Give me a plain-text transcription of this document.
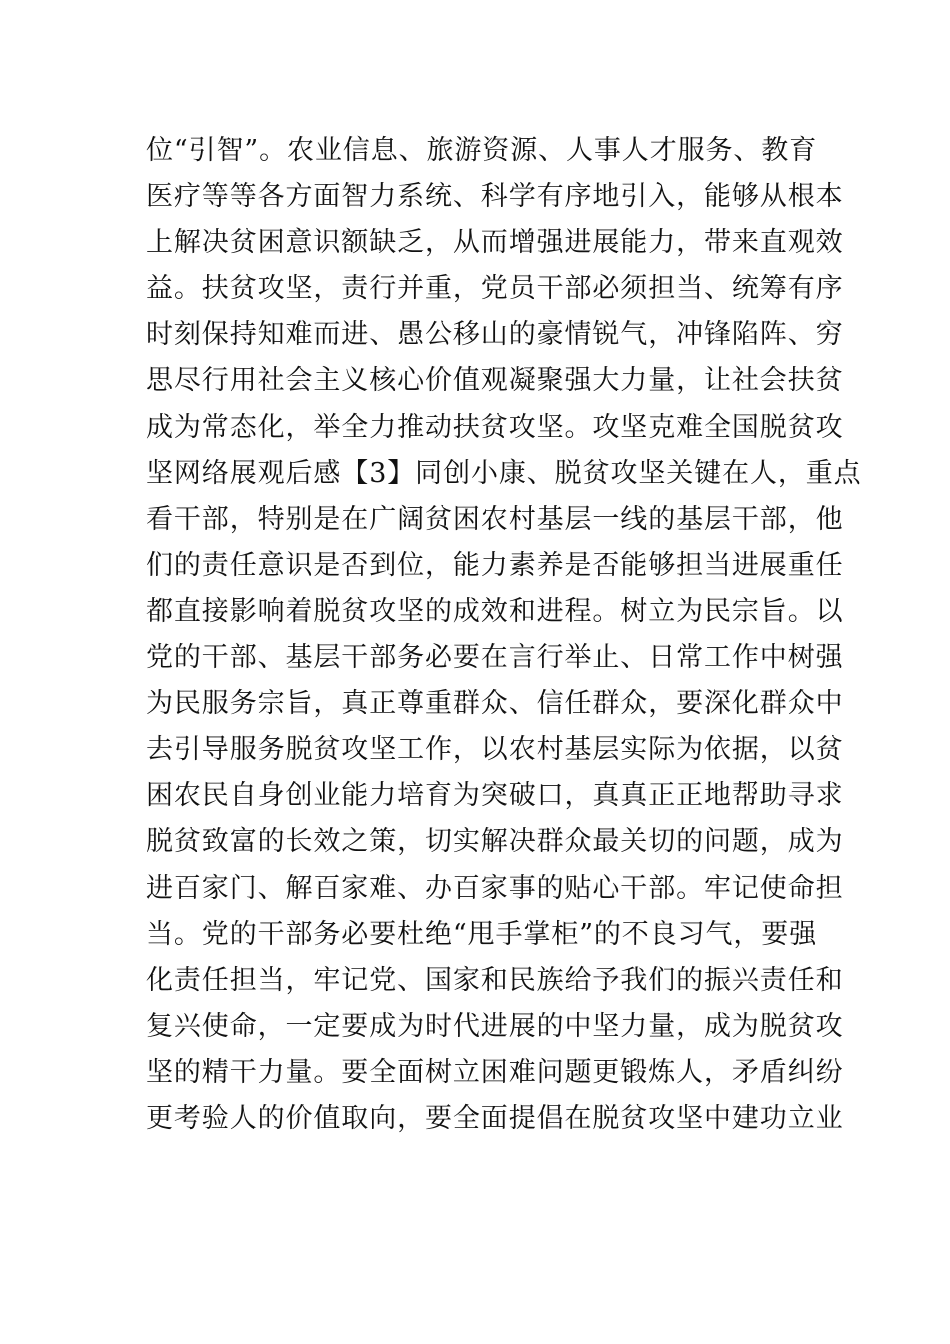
位“引智”。农业信息、旅游资源、人事人才服务、教育
医疗等等各方面智力系统、科学有序地引入，能够从根本
上解决贫困意识额缺乏，从而增强进展能力，带来直观效
益。扶贫攻坚，责行并重，党员干部必须担当、统筹有序
时刻保持知难而进、愚公移山的豪情锐气，冲锋陷阵、穷
思尽行用社会主义核心价值观凝聚强大力量，让社会扶贫
成为常态化，举全力推动扶贫攻坚。攻坚克难全国脱贫攻
坚网络展观后感【3】同创小康、脱贫攻坚关键在人，重点
看干部，特别是在广阔贫困农村基层一线的基层干部，他
们的责任意识是否到位，能力素养是否能够担当进展重任
都直接影响着脱贫攻坚的成效和进程。树立为民宗旨。以
党的干部、基层干部务必要在言行举止、日常工作中树强
为民服务宗旨，真正尊重群众、信任群众，要深化群众中
去引导服务脱贫攻坚工作，以农村基层实际为依据，以贫
困农民自身创业能力培育为突破口，真真正正地帮助寻求
脱贫致富的长效之策，切实解决群众最关切的问题，成为
进百家门、解百家难、办百家事的贴心干部。牢记使命担
当。党的干部务必要杜绝“甩手掌柜”的不良习气，要强
化责任担当，牢记党、国家和民族给予我们的振兴责任和
复兴使命，一定要成为时代进展的中坚力量，成为脱贫攻
坚的精干力量。要全面树立困难问题更锻炼人，矛盾纠纷
更考验人的价值取向，要全面提倡在脱贫攻坚中建功立业
